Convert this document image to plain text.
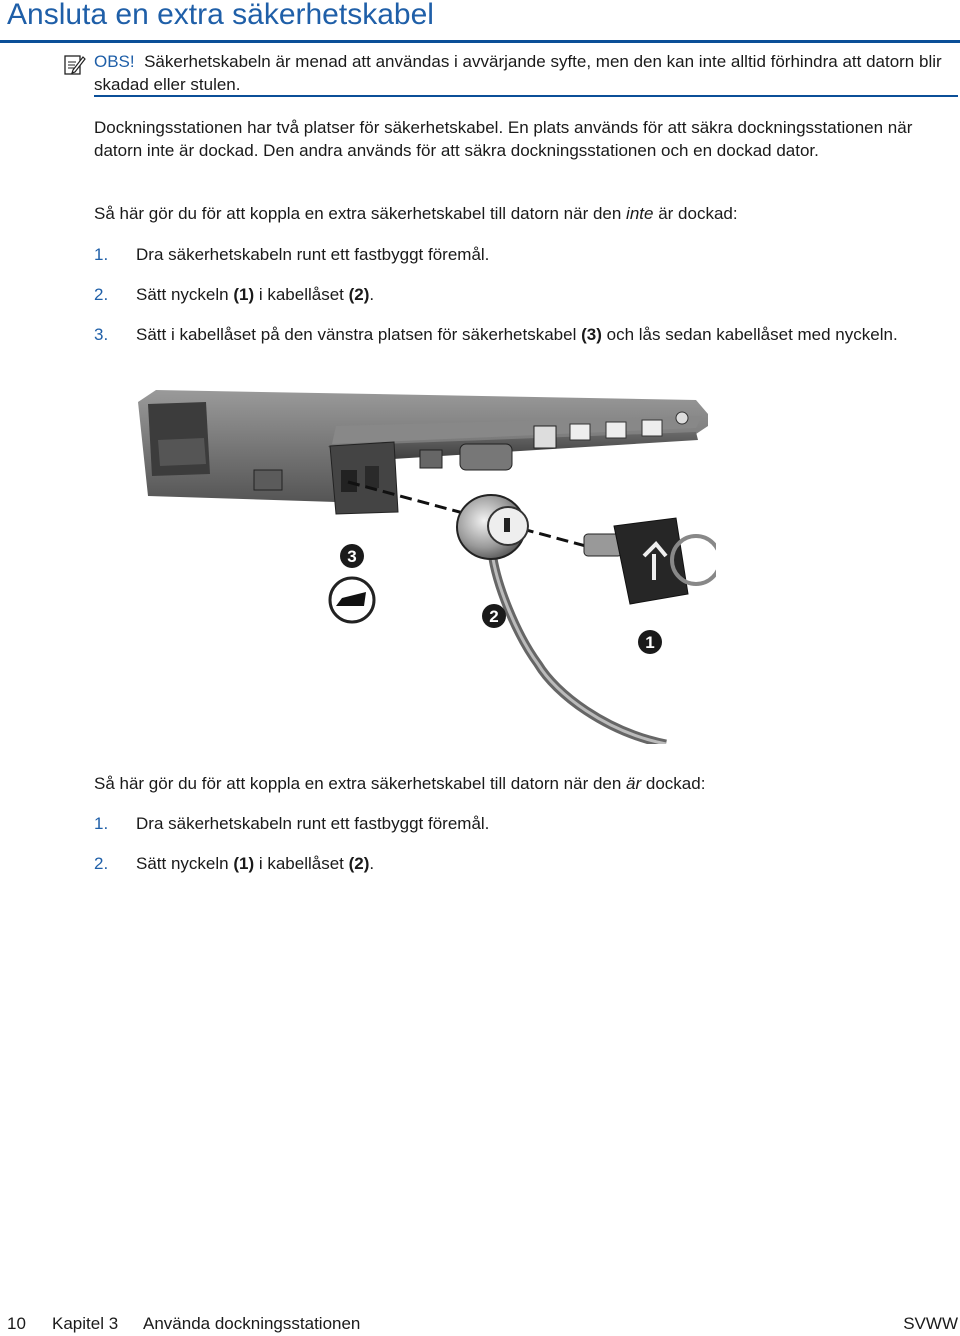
Ansluta en extra säkerhetskabel

OBS! Säkerhetskabeln är menad att användas i avvärjande syfte, men den kan inte alltid förhindra att datorn blir skadad eller stulen.

Dockningsstationen har två platser för säkerhetskabel. En plats används för att säkra dockningsstationen när datorn inte är dockad. Den andra används för att säkra dockningsstationen och en dockad dator.

Så här gör du för att koppla en extra säkerhetskabel till datorn när den inte är dockad:

1. Dra säkerhetskabeln runt ett fastbyggt föremål.
2. Sätt nyckeln (1) i kabellåset (2).
3. Sätt i kabellåset på den vänstra platsen för säkerhetskabel (3) och lås sedan kabellåset med nyckeln.
3
2
1

Så här gör du för att koppla en extra säkerhetskabel till datorn när den är dockad:

1. Dra säkerhetskabeln runt ett fastbyggt föremål.
2. Sätt nyckeln (1) i kabellåset (2).
10 Kapitel 3 Använda dockningsstationen	SVWW
